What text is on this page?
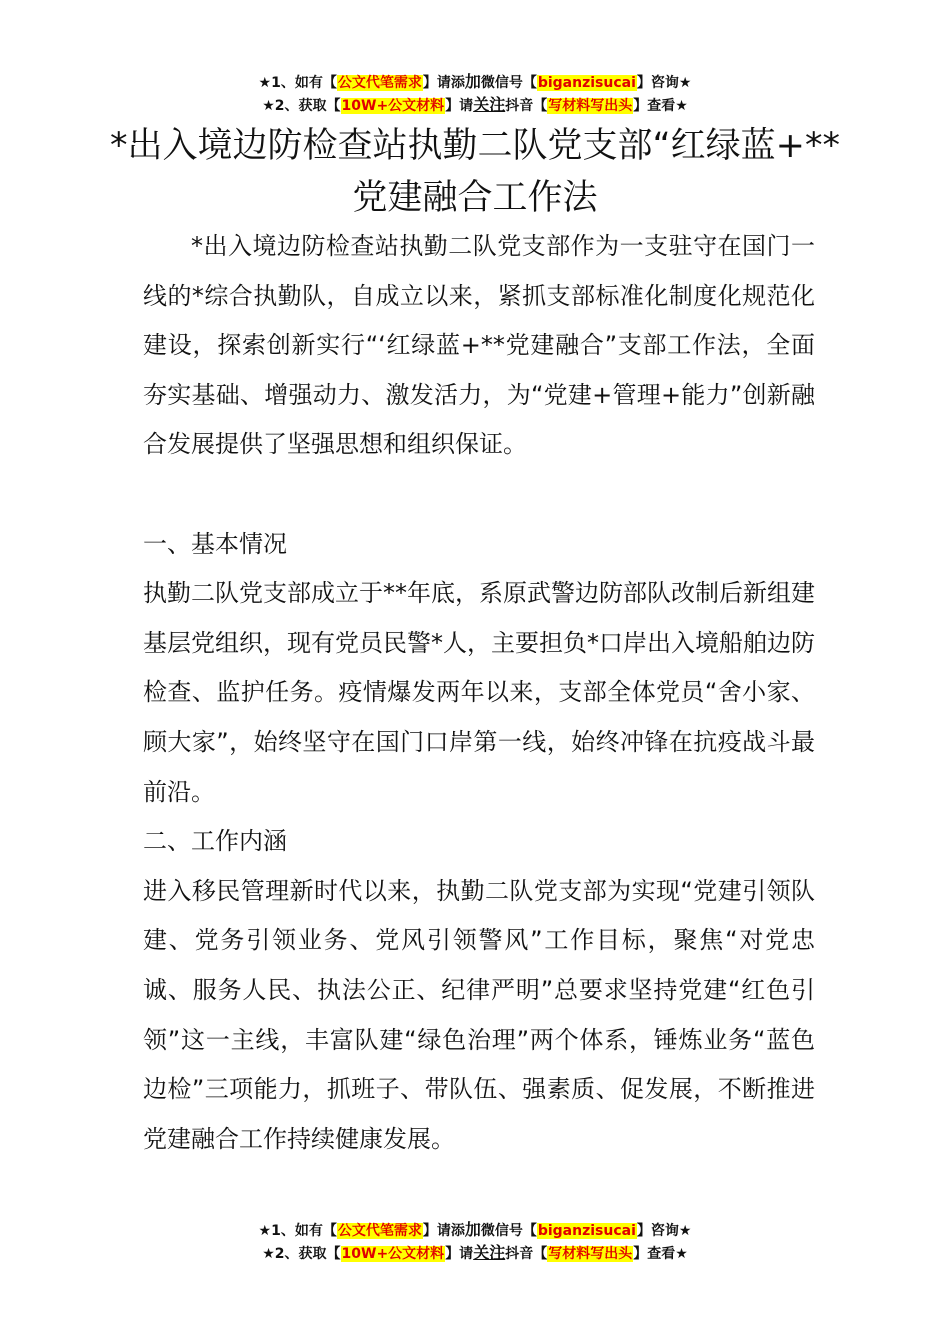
★1、如有【公文代笔需求】请添加微信号【biganzisucai】咨询★
★2、获取【10W+公文材料】请关注抖音【写材料写出头】查看★
*出入境边防检查站执勤二队党支部“红绿蓝+**党建融合工作法

*出入境边防检查站执勤二队党支部作为一支驻守在国门一线的*综合执勤队，自成立以来，紧抓支部标准化制度化规范化建设，探索创新实行“‘红绿蓝+**党建融合”支部工作法，全面夯实基础、增强动力、激发活力，为“党建+管理+能力”创新融合发展提供了坚强思想和组织保证。

一、基本情况

执勤二队党支部成立于**年底，系原武警边防部队改制后新组建基层党组织，现有党员民警*人，主要担负*口岸出入境船舶边防检查、监护任务。疫情爆发两年以来，支部全体党员“舍小家、顾大家”，始终坚守在国门口岸第一线，始终冲锋在抗疫战斗最前沿。

二、工作内涵

进入移民管理新时代以来，执勤二队党支部为实现“党建引领队建、党务引领业务、党风引领警风”工作目标，聚焦“对党忠诚、服务人民、执法公正、纪律严明”总要求坚持党建“红色引领”这一主线，丰富队建“绿色治理”两个体系，锤炼业务“蓝色边检”三项能力，抓班子、带队伍、强素质、促发展，不断推进党建融合工作持续健康发展。

★1、如有【公文代笔需求】请添加微信号【biganzisucai】咨询★
★2、获取【10W+公文材料】请关注抖音【写材料写出头】查看★
